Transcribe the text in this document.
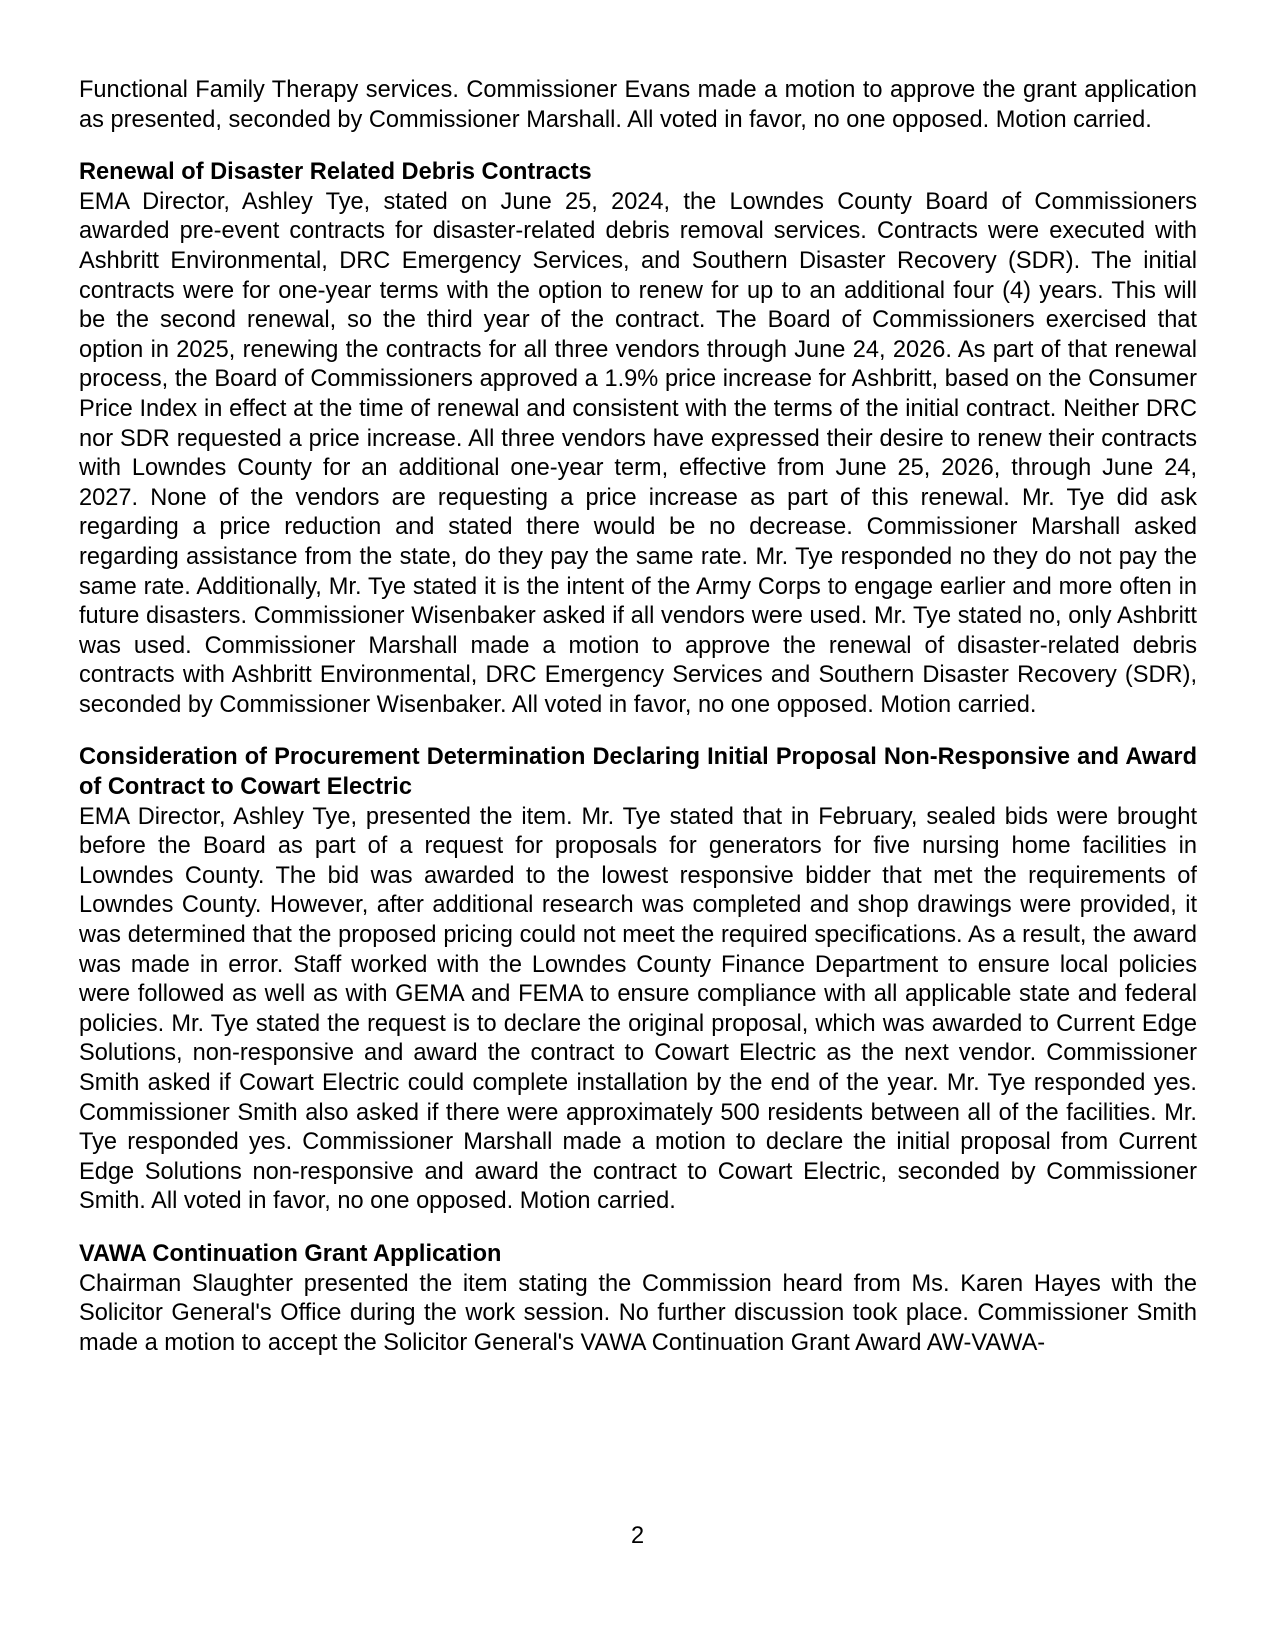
Functional Family Therapy services. Commissioner Evans made a motion to approve the grant application as presented, seconded by Commissioner Marshall. All voted in favor, no one opposed. Motion carried.

Renewal of Disaster Related Debris Contracts

EMA Director, Ashley Tye, stated on June 25, 2024, the Lowndes County Board of Commissioners awarded pre-event contracts for disaster-related debris removal services. Contracts were executed with Ashbritt Environmental, DRC Emergency Services, and Southern Disaster Recovery (SDR). The initial contracts were for one-year terms with the option to renew for up to an additional four (4) years. This will be the second renewal, so the third year of the contract. The Board of Commissioners exercised that option in 2025, renewing the contracts for all three vendors through June 24, 2026. As part of that renewal process, the Board of Commissioners approved a 1.9% price increase for Ashbritt, based on the Consumer Price Index in effect at the time of renewal and consistent with the terms of the initial contract. Neither DRC nor SDR requested a price increase. All three vendors have expressed their desire to renew their contracts with Lowndes County for an additional one-year term, effective from June 25, 2026, through June 24, 2027. None of the vendors are requesting a price increase as part of this renewal. Mr. Tye did ask regarding a price reduction and stated there would be no decrease. Commissioner Marshall asked regarding assistance from the state, do they pay the same rate. Mr. Tye responded no they do not pay the same rate. Additionally, Mr. Tye stated it is the intent of the Army Corps to engage earlier and more often in future disasters. Commissioner Wisenbaker asked if all vendors were used. Mr. Tye stated no, only Ashbritt was used. Commissioner Marshall made a motion to approve the renewal of disaster-related debris contracts with Ashbritt Environmental, DRC Emergency Services and Southern Disaster Recovery (SDR), seconded by Commissioner Wisenbaker. All voted in favor, no one opposed. Motion carried.

Consideration of Procurement Determination Declaring Initial Proposal Non-Responsive and Award of Contract to Cowart Electric

EMA Director, Ashley Tye, presented the item. Mr. Tye stated that in February, sealed bids were brought before the Board as part of a request for proposals for generators for five nursing home facilities in Lowndes County. The bid was awarded to the lowest responsive bidder that met the requirements of Lowndes County. However, after additional research was completed and shop drawings were provided, it was determined that the proposed pricing could not meet the required specifications. As a result, the award was made in error. Staff worked with the Lowndes County Finance Department to ensure local policies were followed as well as with GEMA and FEMA to ensure compliance with all applicable state and federal policies. Mr. Tye stated the request is to declare the original proposal, which was awarded to Current Edge Solutions, non-responsive and award the contract to Cowart Electric as the next vendor. Commissioner Smith asked if Cowart Electric could complete installation by the end of the year. Mr. Tye responded yes. Commissioner Smith also asked if there were approximately 500 residents between all of the facilities. Mr. Tye responded yes. Commissioner Marshall made a motion to declare the initial proposal from Current Edge Solutions non-responsive and award the contract to Cowart Electric, seconded by Commissioner Smith. All voted in favor, no one opposed. Motion carried.

VAWA Continuation Grant Application

Chairman Slaughter presented the item stating the Commission heard from Ms. Karen Hayes with the Solicitor General's Office during the work session. No further discussion took place. Commissioner Smith made a motion to accept the Solicitor General's VAWA Continuation Grant Award AW-VAWA-

2
